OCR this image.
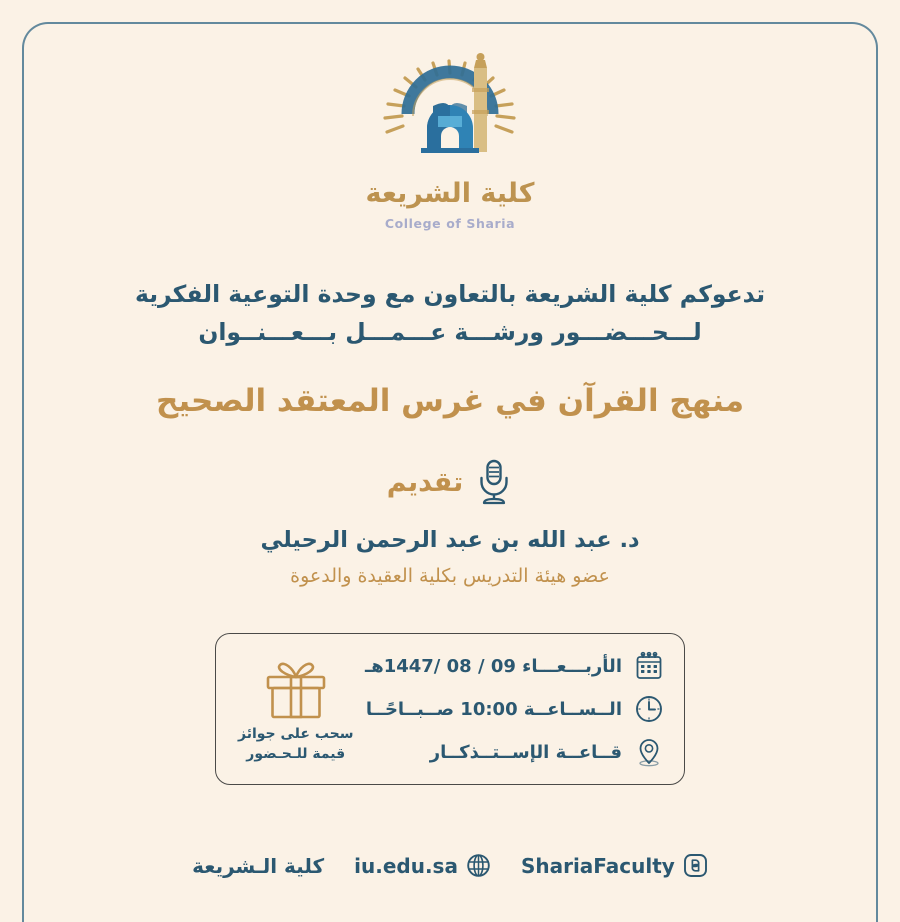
كلية الشريعة
College of Sharia
تدعوكم كلية الشريعة بالتعاون مع وحدة التوعية الفكرية
لـــحـــضـــور ورشـــة عـــمـــل بـــعـــنــوان
منهج القرآن في غرس المعتقد الصحيح
تقديم
د. عبد الله بن عبد الرحمن الرحيلي
عضو هيئة التدريس بكلية العقيدة والدعوة
الأربـــعـــاء 09 / 08 /1447هـ
الــســاعــة 10:00 صــبــاحًــا
قــاعــة الإســتــذكــار
سحب على جوائز
قيمة للـحـضور
كلية الـشريعة iu.edu.sa	ShariaFaculty
